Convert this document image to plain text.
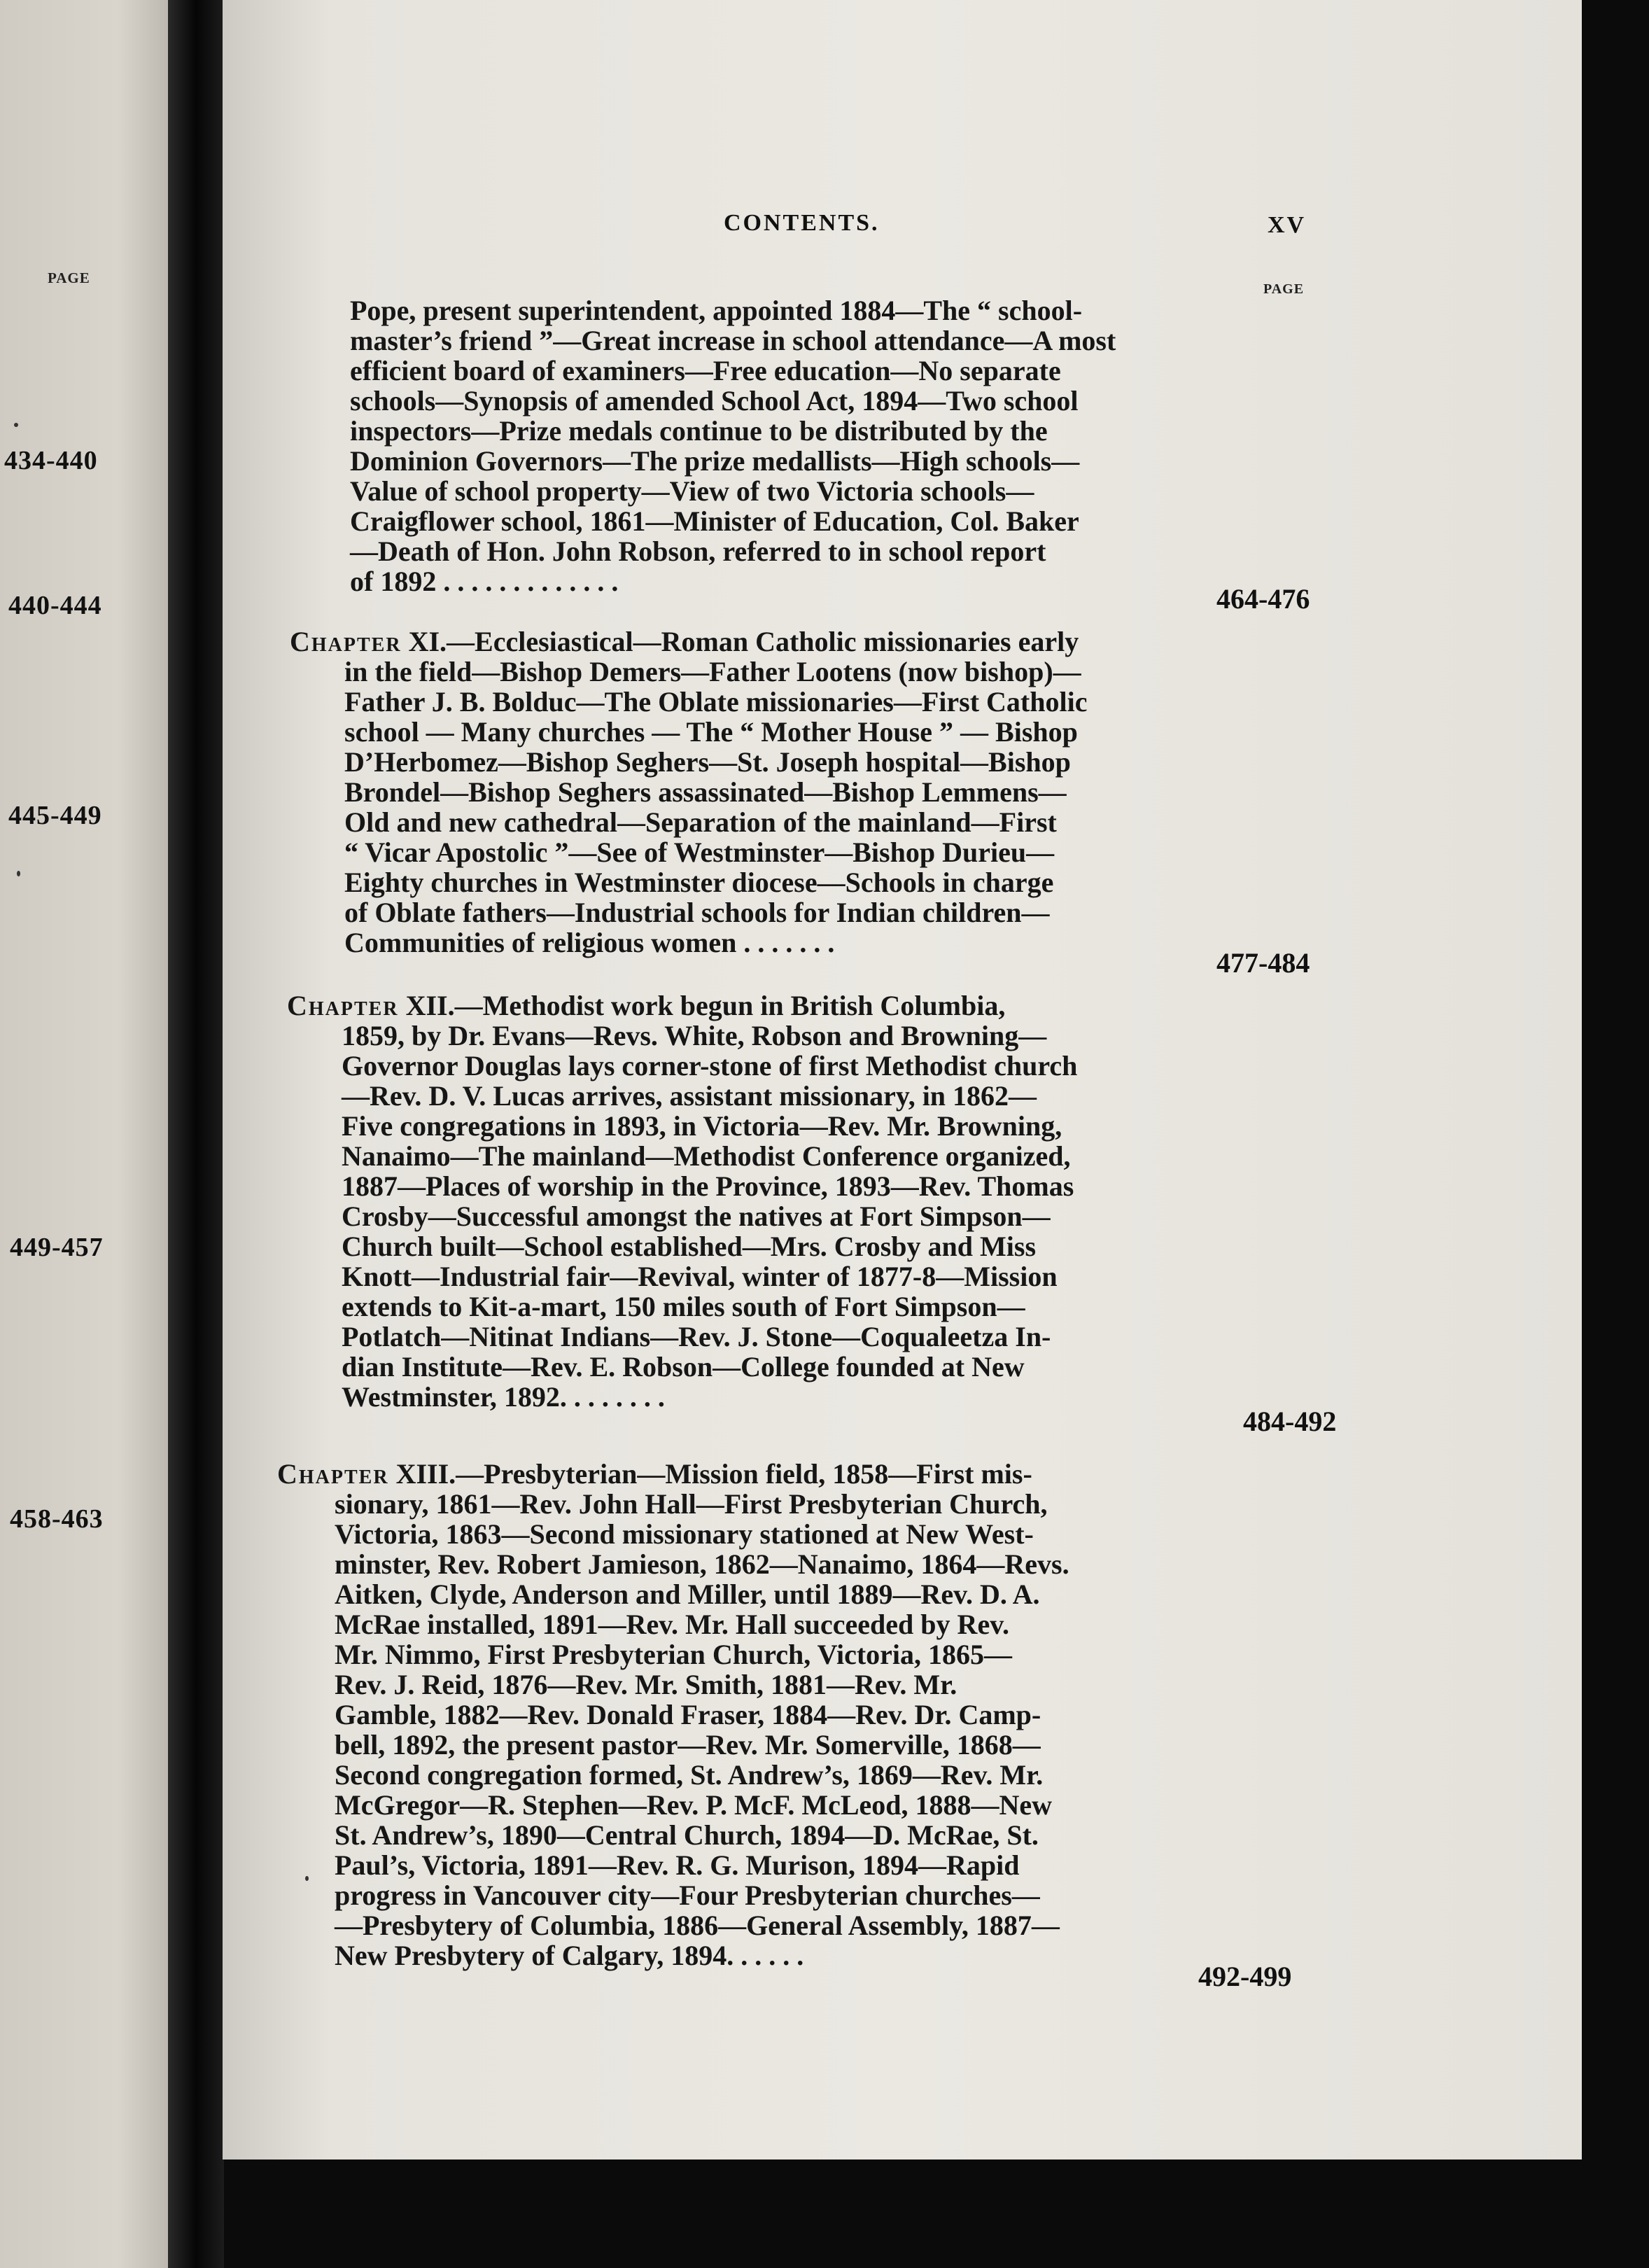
PAGE
434-440
440-444
445-449
449-457
458-463
CONTENTS.	XV
PAGE
Pope, present superintendent, appointed 1884—The “ school-
master’s friend ”—Great increase in school attendance—A most
efficient board of examiners—Free education—No separate
schools—Synopsis of amended School Act, 1894—Two school
inspectors—Prize medals continue to be distributed by the
Dominion Governors—The prize medallists—High schools—
Value of school property—View of two Victoria schools—
Craigflower school, 1861—Minister of Education, Col. Baker
—Death of Hon. John Robson, referred to in school report
of 1892 . . . . . . . . . . . . .
464-476
Chapter XI.—Ecclesiastical—Roman Catholic missionaries early
in the field—Bishop Demers—Father Lootens (now bishop)—
Father J. B. Bolduc—The Oblate missionaries—First Catholic
school — Many churches — The “ Mother House ” — Bishop
D’Herbomez—Bishop Seghers—St. Joseph hospital—Bishop
Brondel—Bishop Seghers assassinated—Bishop Lemmens—
Old and new cathedral—Separation of the mainland—First
“ Vicar Apostolic ”—See of Westminster—Bishop Durieu—
Eighty churches in Westminster diocese—Schools in charge
of Oblate fathers—Industrial schools for Indian children—
Communities of religious women . . . . . . .
477-484
Chapter XII.—Methodist work begun in British Columbia,
1859, by Dr. Evans—Revs. White, Robson and Browning—
Governor Douglas lays corner-stone of first Methodist church
—Rev. D. V. Lucas arrives, assistant missionary, in 1862—
Five congregations in 1893, in Victoria—Rev. Mr. Browning,
Nanaimo—The mainland—Methodist Conference organized,
1887—Places of worship in the Province, 1893—Rev. Thomas
Crosby—Successful amongst the natives at Fort Simpson—
Church built—School established—Mrs. Crosby and Miss
Knott—Industrial fair—Revival, winter of 1877-8—Mission
extends to Kit-a-mart, 150 miles south of Fort Simpson—
Potlatch—Nitinat Indians—Rev. J. Stone—Coqualeetza In-
dian Institute—Rev. E. Robson—College founded at New
Westminster, 1892. . . . . . . .
484-492
Chapter XIII.—Presbyterian—Mission field, 1858—First mis-
sionary, 1861—Rev. John Hall—First Presbyterian Church,
Victoria, 1863—Second missionary stationed at New West-
minster, Rev. Robert Jamieson, 1862—Nanaimo, 1864—Revs.
Aitken, Clyde, Anderson and Miller, until 1889—Rev. D. A.
McRae installed, 1891—Rev. Mr. Hall succeeded by Rev.
Mr. Nimmo, First Presbyterian Church, Victoria, 1865—
Rev. J. Reid, 1876—Rev. Mr. Smith, 1881—Rev. Mr.
Gamble, 1882—Rev. Donald Fraser, 1884—Rev. Dr. Camp-
bell, 1892, the present pastor—Rev. Mr. Somerville, 1868—
Second congregation formed, St. Andrew’s, 1869—Rev. Mr.
McGregor—R. Stephen—Rev. P. McF. McLeod, 1888—New
St. Andrew’s, 1890—Central Church, 1894—D. McRae, St.
Paul’s, Victoria, 1891—Rev. R. G. Murison, 1894—Rapid
progress in Vancouver city—Four Presbyterian churches—
—Presbytery of Columbia, 1886—General Assembly, 1887—
New Presbytery of Calgary, 1894. . . . . .
492-499
